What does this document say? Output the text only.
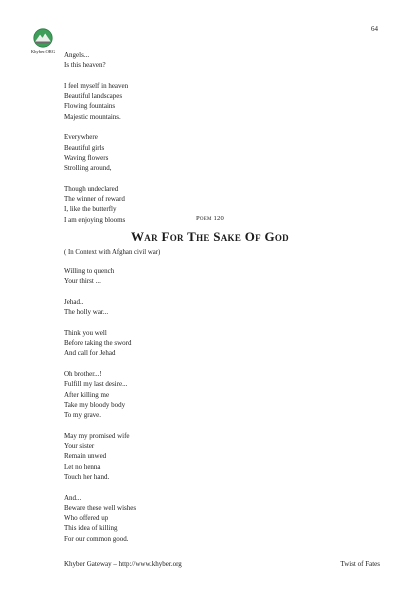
64
Khyber.ORG	Angels...
Is this heaven?
I feel myself in heaven
Beautiful landscapes
Flowing fountains
Majestic mountains.
Everywhere
Beautiful girls
Waving flowers
Strolling around,
Though undeclared
The winner of reward
I, like the butterfly
I am enjoying blooms	Poem 120
War For The Sake Of God
( In Context with Afghan civil war)
Willing to quench
Your thirst ...
Jehad..
The holly war...
Think you well
Before taking the sword
And call for Jehad
Oh brother...!
Fulfill my last desire...
After killing me
Take my bloody body
To my grave.
May my promised wife
Your sister
Remain unwed
Let no henna
Touch her hand.
And...
Beware these well wishes
Who offered up
This idea of killing
For our common good.
Khyber Gateway – http://www.khyber.org	Twist of Fates
